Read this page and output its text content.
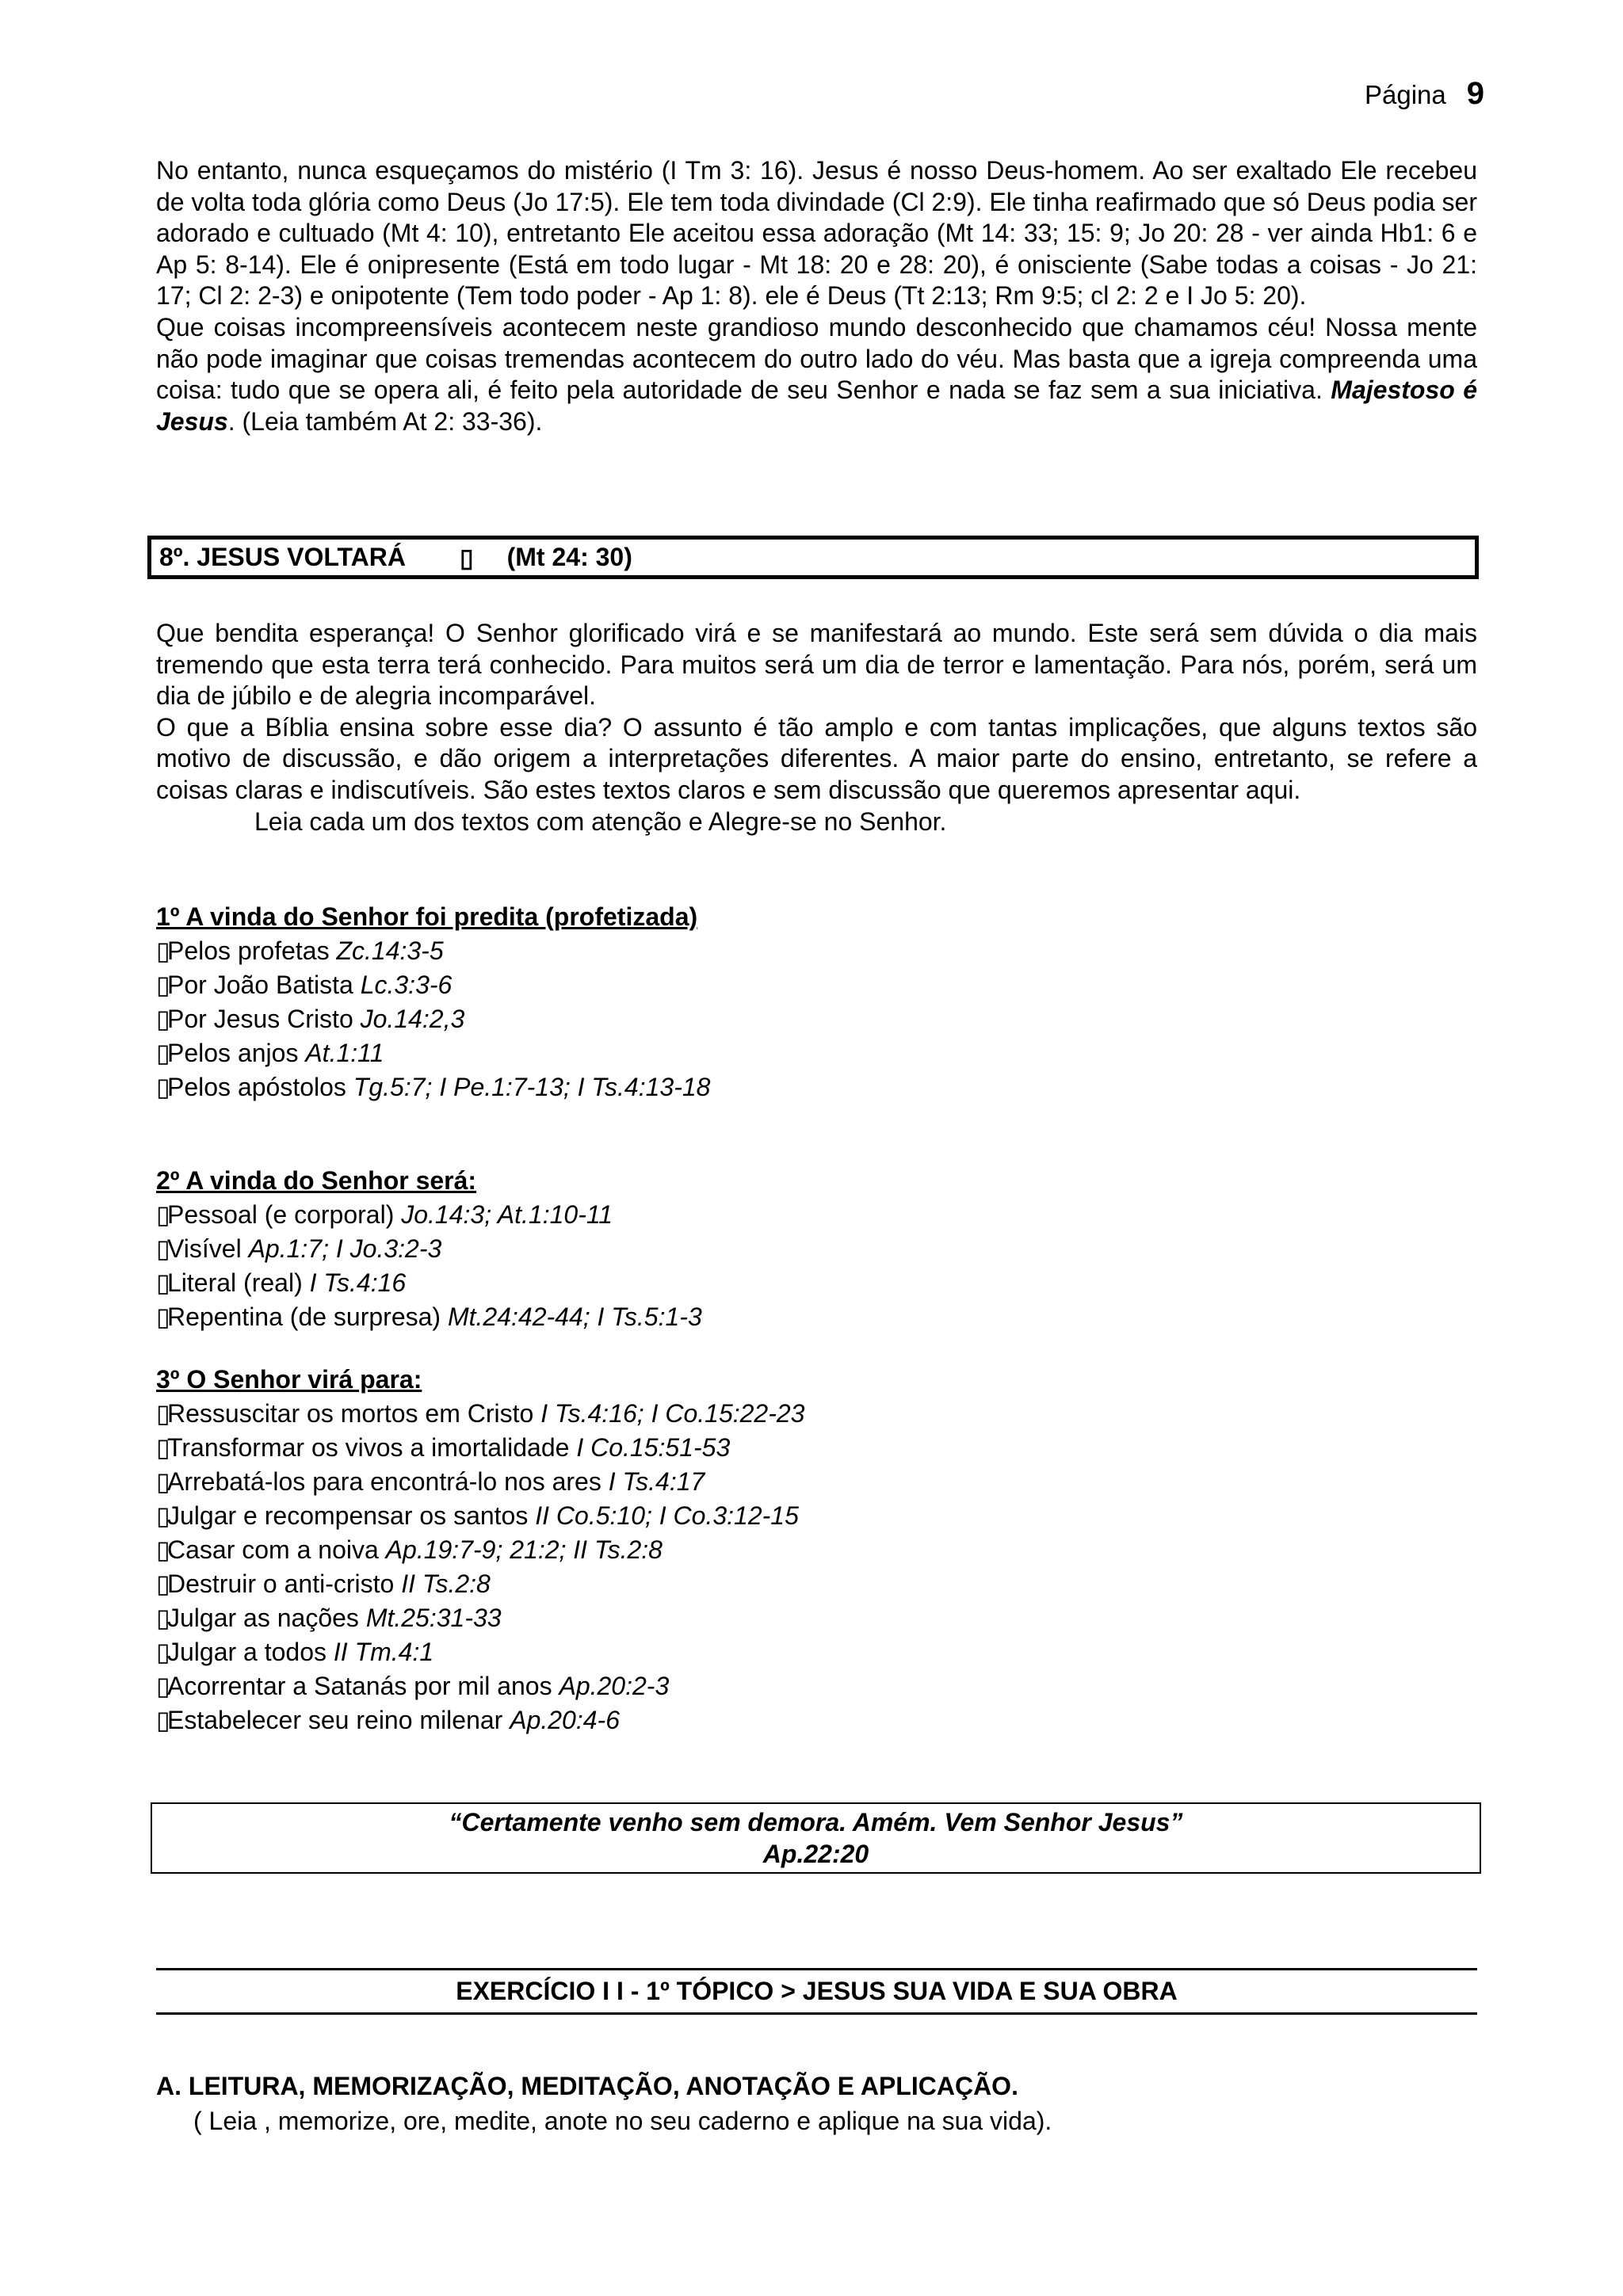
Página 9

No entanto, nunca esqueçamos do mistério (I Tm 3: 16). Jesus é nosso Deus-homem. Ao ser exaltado Ele recebeu de volta toda glória como Deus (Jo 17:5). Ele tem toda divindade (Cl 2:9). Ele tinha reafirmado que só Deus podia ser adorado e cultuado (Mt 4: 10), entretanto Ele aceitou essa adoração (Mt 14: 33; 15: 9; Jo 20: 28 - ver ainda Hb1: 6 e Ap 5: 8-14). Ele é onipresente (Está em todo lugar - Mt 18: 20 e 28: 20), é onisciente (Sabe todas a coisas - Jo 21: 17; Cl 2: 2-3) e onipotente (Tem todo poder - Ap 1: 8). ele é Deus (Tt 2:13; Rm 9:5; cl 2: 2 e I Jo 5: 20).

Que coisas incompreensíveis acontecem neste grandioso mundo desconhecido que chamamos céu! Nossa mente não pode imaginar que coisas tremendas acontecem do outro lado do véu. Mas basta que a igreja compreenda uma coisa: tudo que se opera ali, é feito pela autoridade de seu Senhor e nada se faz sem a sua iniciativa. Majestoso é Jesus. (Leia também At 2: 33-36).

8º. JESUS VOLTARÁ ▯ (Mt 24: 30)

Que bendita esperança! O Senhor glorificado virá e se manifestará ao mundo. Este será sem dúvida o dia mais tremendo que esta terra terá conhecido. Para muitos será um dia de terror e lamentação. Para nós, porém, será um dia de júbilo e de alegria incomparável.

O que a Bíblia ensina sobre esse dia? O assunto é tão amplo e com tantas implicações, que alguns textos são motivo de discussão, e dão origem a interpretações diferentes. A maior parte do ensino, entretanto, se refere a coisas claras e indiscutíveis. São estes textos claros e sem discussão que queremos apresentar aqui.

Leia cada um dos textos com atenção e Alegre-se no Senhor.

1º A vinda do Senhor foi predita (profetizada)

▯Pelos profetas Zc.14:3-5
▯Por João Batista Lc.3:3-6
▯Por Jesus Cristo Jo.14:2,3
▯Pelos anjos At.1:11
▯Pelos apóstolos Tg.5:7; I Pe.1:7-13; I Ts.4:13-18

2º A vinda do Senhor será:

▯Pessoal (e corporal) Jo.14:3; At.1:10-11
▯Visível Ap.1:7; I Jo.3:2-3
▯Literal (real) I Ts.4:16
▯Repentina (de surpresa) Mt.24:42-44; I Ts.5:1-3

3º O Senhor virá para:

▯Ressuscitar os mortos em Cristo I Ts.4:16; I Co.15:22-23
▯Transformar os vivos a imortalidade I Co.15:51-53
▯Arrebatá-los para encontrá-lo nos ares I Ts.4:17
▯Julgar e recompensar os santos II Co.5:10; I Co.3:12-15
▯Casar com a noiva Ap.19:7-9; 21:2; II Ts.2:8
▯Destruir o anti-cristo II Ts.2:8
▯Julgar as nações Mt.25:31-33
▯Julgar a todos II Tm.4:1
▯Acorrentar a Satanás por mil anos Ap.20:2-3
▯Estabelecer seu reino milenar Ap.20:4-6
“Certamente venho sem demora. Amém. Vem Senhor Jesus”
Ap.22:20
EXERCÍCIO I I - 1º TÓPICO > JESUS SUA VIDA E SUA OBRA
A. LEITURA, MEMORIZAÇÃO, MEDITAÇÃO, ANOTAÇÃO E APLICAÇÃO.
( Leia , memorize, ore, medite, anote no seu caderno e aplique na sua vida).
